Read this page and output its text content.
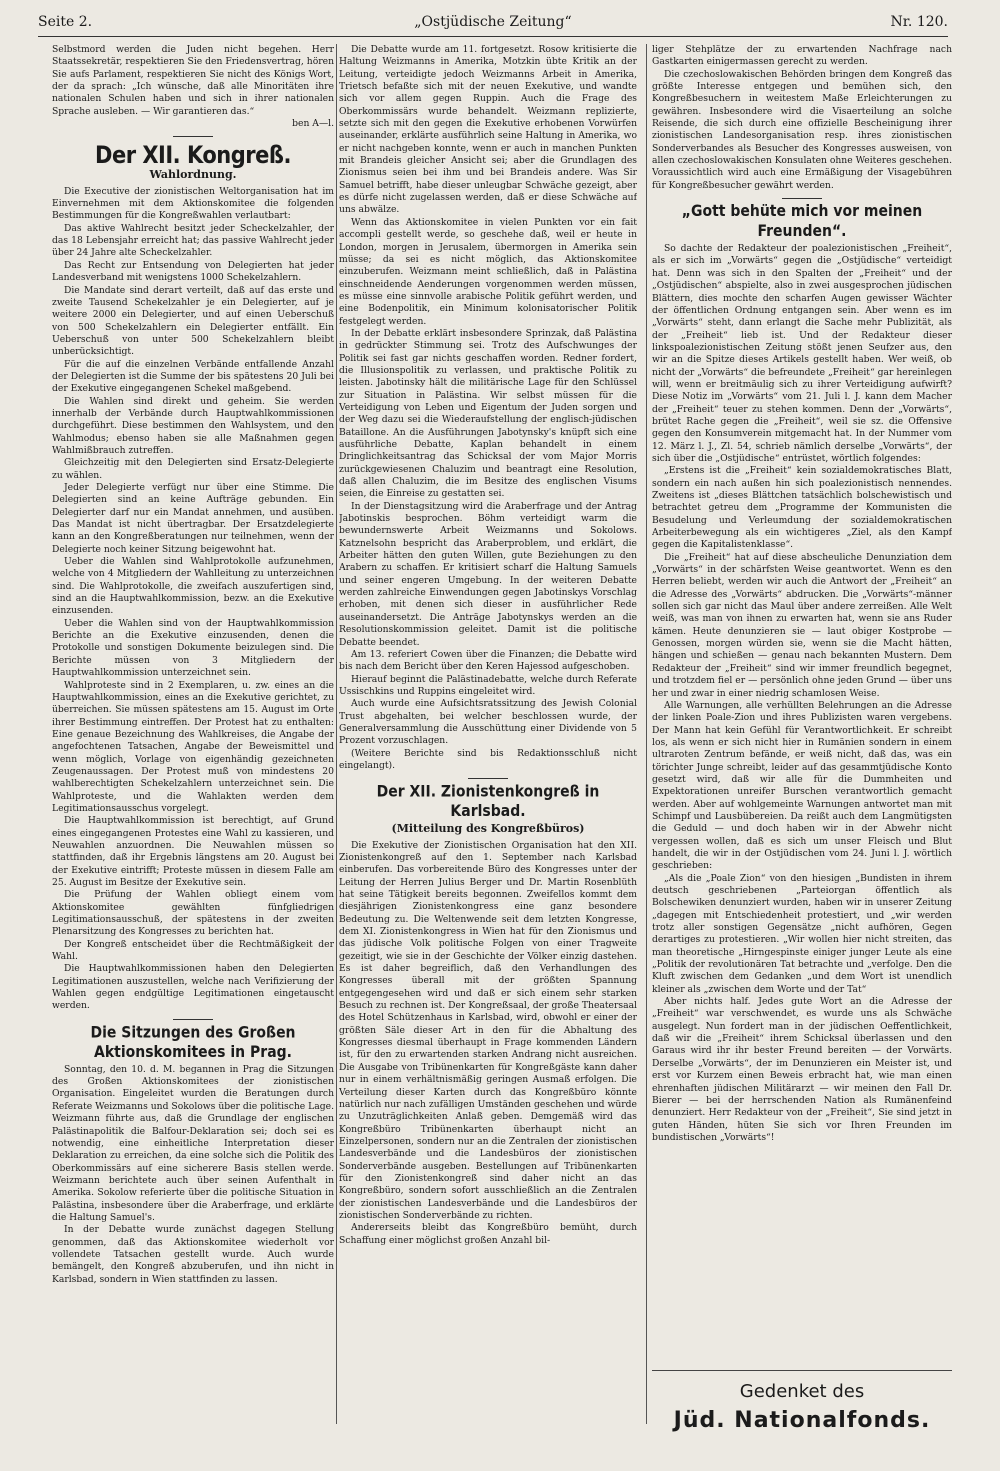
Seite 2.	„Ostjüdische Zeitung“	Nr. 120.

Selbstmord werden die Juden nicht begehen. Herr Staatssekretär, respektieren Sie den Friedensvertrag, hören Sie aufs Parlament, respektieren Sie nicht des Königs Wort, der da sprach: „Ich wünsche, daß alle Minoritäten ihre nationalen Schulen haben und sich in ihrer nationalen Sprache ausleben. — Wir garantieren das.“

ben A—l.

Der XII. Kongreß.
Wahlordnung.

Die Executive der zionistischen Weltorganisation hat im Einvernehmen mit dem Aktionskomitee die folgenden Bestimmungen für die Kongreßwahlen verlautbart:

Das aktive Wahlrecht besitzt jeder Scheckelzahler, der das 18 Lebensjahr erreicht hat; das passive Wahlrecht jeder über 24 Jahre alte Scheckelzahler.

Das Recht zur Entsendung von Delegierten hat jeder Landesverband mit wenigstens 1000 Schekelzahlern.

Die Mandate sind derart verteilt, daß auf das erste und zweite Tausend Schekelzahler je ein Delegierter, auf je weitere 2000 ein Delegierter, und auf einen Ueberschuß von 500 Schekelzahlern ein Delegierter entfällt. Ein Ueberschuß von unter 500 Schekelzahlern bleibt unberücksichtigt.

Für die auf die einzelnen Verbände entfallende Anzahl der Delegierten ist die Summe der bis spätestens 20 Juli bei der Exekutive eingegangenen Schekel maßgebend.

Die Wahlen sind direkt und geheim. Sie werden innerhalb der Verbände durch Hauptwahlkommissionen durchgeführt. Diese bestimmen den Wahlsystem, und den Wahlmodus; ebenso haben sie alle Maßnahmen gegen Wahlmißbrauch zutreffen.

Gleichzeitig mit den Delegierten sind Ersatz-Delegierte zu wählen.

Jeder Delegierte verfügt nur über eine Stimme. Die Delegierten sind an keine Aufträge gebunden. Ein Delegierter darf nur ein Mandat annehmen, und ausüben. Das Mandat ist nicht übertragbar. Der Ersatzdelegierte kann an den Kongreßberatungen nur teilnehmen, wenn der Delegierte noch keiner Sitzung beigewohnt hat.

Ueber die Wahlen sind Wahlprotokolle aufzunehmen, welche von 4 Mitgliedern der Wahlleitung zu unterzeichnen sind. Die Wahlprotokolle, die zweifach auszufertigen sind, sind an die Hauptwahlkommission, bezw. an die Exekutive einzusenden.

Ueber die Wahlen sind von der Hauptwahlkommission Berichte an die Exekutive einzusenden, denen die Protokolle und sonstigen Dokumente beizulegen sind. Die Berichte müssen von 3 Mitgliedern der Hauptwahlkommission unterzeichnet sein.

Wahlproteste sind in 2 Exemplaren, u. zw. eines an die Hauptwahlkommission, eines an die Exekutive gerichtet, zu überreichen. Sie müssen spätestens am 15. August im Orte ihrer Bestimmung eintreffen. Der Protest hat zu enthalten: Eine genaue Bezeichnung des Wahlkreises, die Angabe der angefochtenen Tatsachen, Angabe der Beweismittel und wenn möglich, Vorlage von eigenhändig gezeichneten Zeugenaussagen. Der Protest muß von mindestens 20 wahlberechtigten Schekelzahlern unterzeichnet sein. Die Wahlproteste, und die Wahlakten werden dem Legitimationsausschus vorgelegt.

Die Hauptwahlkommission ist berechtigt, auf Grund eines eingegangenen Protestes eine Wahl zu kassieren, und Neuwahlen anzuordnen. Die Neuwahlen müssen so stattfinden, daß ihr Ergebnis längstens am 20. August bei der Exekutive eintrifft; Proteste müssen in diesem Falle am 25. August im Besitze der Exekutive sein.

Die Prüfung der Wahlen obliegt einem vom Aktionskomitee gewählten fünfgliedrigen Legitimationsausschuß, der spätestens in der zweiten Plenarsitzung des Kongresses zu berichten hat.

Der Kongreß entscheidet über die Rechtmäßigkeit der Wahl.

Die Hauptwahlkommissionen haben den Delegierten Legitimationen auszustellen, welche nach Verifizierung der Wahlen gegen endgültige Legitimationen eingetauscht werden.

Die Sitzungen des Großen Aktionskomitees in Prag.

Sonntag, den 10. d. M. begannen in Prag die Sitzungen des Großen Aktionskomitees der zionistischen Organisation. Eingeleitet wurden die Beratungen durch Referate Weizmanns und Sokolows über die politische Lage. Weizmann führte aus, daß die Grundlage der englischen Palästinapolitik die Balfour-Deklaration sei; doch sei es notwendig, eine einheitliche Interpretation dieser Deklaration zu erreichen, da eine solche sich die Politik des Oberkommissärs auf eine sicherere Basis stellen werde. Weizmann berichtete auch über seinen Aufenthalt in Amerika. Sokolow referierte über die politische Situation in Palästina, insbesondere über die Araberfrage, und erklärte die Haltung Samuel's.

In der Debatte wurde zunächst dagegen Stellung genommen, daß das Aktionskomitee wiederholt vor vollendete Tatsachen gestellt wurde. Auch wurde bemängelt, den Kongreß abzuberufen, und ihn nicht in Karlsbad, sondern in Wien stattfinden zu lassen.

Die Debatte wurde am 11. fortgesetzt. Rosow kritisierte die Haltung Weizmanns in Amerika, Motzkin übte Kritik an der Leitung, verteidigte jedoch Weizmanns Arbeit in Amerika, Trietsch befaßte sich mit der neuen Exekutive, und wandte sich vor allem gegen Ruppin. Auch die Frage des Oberkommissärs wurde behandelt. Weizmann replizierte, setzte sich mit den gegen die Exekutive erhobenen Vorwürfen auseinander, erklärte ausführlich seine Haltung in Amerika, wo er nicht nachgeben konnte, wenn er auch in manchen Punkten mit Brandeis gleicher Ansicht sei; aber die Grundlagen des Zionismus seien bei ihm und bei Brandeis andere. Was Sir Samuel betrifft, habe dieser unleugbar Schwäche gezeigt, aber es dürfe nicht zugelassen werden, daß er diese Schwäche auf uns abwälze.

Wenn das Aktionskomitee in vielen Punkten vor ein fait accompli gestellt werde, so geschehe daß, weil er heute in London, morgen in Jerusalem, übermorgen in Amerika sein müsse; da sei es nicht möglich, das Aktionskomitee einzuberufen. Weizmann meint schließlich, daß in Palästina einschneidende Aenderungen vorgenommen werden müssen, es müsse eine sinnvolle arabische Politik geführt werden, und eine Bodenpolitik, ein Minimum kolonisatorischer Politik festgelegt werden.

In der Debatte erklärt insbesondere Sprinzak, daß Palästina in gedrückter Stimmung sei. Trotz des Aufschwunges der Politik sei fast gar nichts geschaffen worden. Redner fordert, die Illusionspolitik zu verlassen, und praktische Politik zu leisten. Jabotinsky hält die militärische Lage für den Schlüssel zur Situation in Palästina. Wir selbst müssen für die Verteidigung von Leben und Eigentum der Juden sorgen und der Weg dazu sei die Wiederaufstellung der englisch-jüdischen Bataillone. An die Ausführungen Jabotynsky's knüpft sich eine ausführliche Debatte, Kaplan behandelt in einem Dringlichkeitsantrag das Schicksal der vom Major Morris zurückgewiesenen Chaluzim und beantragt eine Resolution, daß allen Chaluzim, die im Besitze des englischen Visums seien, die Einreise zu gestatten sei.

In der Dienstagsitzung wird die Araberfrage und der Antrag Jabotinskis besprochen. Böhm verteidigt warm die bewundernswerte Arbeit Weizmanns und Sokolows. Katznelsohn bespricht das Araberproblem, und erklärt, die Arbeiter hätten den guten Willen, gute Beziehungen zu den Arabern zu schaffen. Er kritisiert scharf die Haltung Samuels und seiner engeren Umgebung. In der weiteren Debatte werden zahlreiche Einwendungen gegen Jabotinskys Vorschlag erhoben, mit denen sich dieser in ausführlicher Rede auseinandersetzt. Die Anträge Jabotynskys werden an die Resolutionskommission geleitet. Damit ist die politische Debatte beendet.

Am 13. referiert Cowen über die Finanzen; die Debatte wird bis nach dem Bericht über den Keren Hajessod aufgeschoben.

Hierauf beginnt die Palästinadebatte, welche durch Referate Ussischkins und Ruppins eingeleitet wird.

Auch wurde eine Aufsichtsratssitzung des Jewish Colonial Trust abgehalten, bei welcher beschlossen wurde, der Generalversammlung die Ausschüttung einer Dividende von 5 Prozent vorzuschlagen.

(Weitere Berichte sind bis Redaktionsschluß nicht eingelangt).

Der XII. Zionistenkongreß in Karlsbad.
(Mitteilung des Kongreßbüros)

Die Exekutive der Zionistischen Organisation hat den XII. Zionistenkongreß auf den 1. September nach Karlsbad einberufen. Das vorbereitende Büro des Kongresses unter der Leitung der Herren Julius Berger und Dr. Martin Rosenblüth hat seine Tätigkeit bereits begonnen. Zweifellos kommt dem diesjährigen Zionistenkongress eine ganz besondere Bedeutung zu. Die Weltenwende seit dem letzten Kongresse, dem XI. Zionistenkongress in Wien hat für den Zionismus und das jüdische Volk politische Folgen von einer Tragweite gezeitigt, wie sie in der Geschichte der Völker einzig dastehen. Es ist daher begreiflich, daß den Verhandlungen des Kongresses überall mit der größten Spannung entgegengesehen wird und daß er sich einem sehr starken Besuch zu rechnen ist. Der Kongreßsaal, der große Theatersaal des Hotel Schützenhaus in Karlsbad, wird, obwohl er einer der größten Säle dieser Art in den für die Abhaltung des Kongresses diesmal überhaupt in Frage kommenden Ländern ist, für den zu erwartenden starken Andrang nicht ausreichen. Die Ausgabe von Tribünenkarten für Kongreßgäste kann daher nur in einem verhältnismäßig geringen Ausmaß erfolgen. Die Verteilung dieser Karten durch das Kongreßbüro könnte natürlich nur nach zufälligen Umständen geschehen und würde zu Unzuträglichkeiten Anlaß geben. Demgemäß wird das Kongreßbüro Tribünenkarten überhaupt nicht an Einzelpersonen, sondern nur an die Zentralen der zionistischen Landesverbände und die Landesbüros der zionistischen Sonderverbände ausgeben. Bestellungen auf Tribünenkarten für den Zionistenkongreß sind daher nicht an das Kongreßbüro, sondern sofort ausschließlich an die Zentralen der zionistischen Landesverbände und die Landesbüros der zionistischen Sonderverbände zu richten.

Andererseits bleibt das Kongreßbüro bemüht, durch Schaffung einer möglichst großen Anzahl bil-

liger Stehplätze der zu erwartenden Nachfrage nach Gastkarten einigermassen gerecht zu werden.

Die czechoslowakischen Behörden bringen dem Kongreß das größte Interesse entgegen und bemühen sich, den Kongreßbesuchern in weitestem Maße Erleichterungen zu gewähren. Insbesondere wird die Visaerteilung an solche Reisende, die sich durch eine offizielle Bescheinigung ihrer zionistischen Landesorganisation resp. ihres zionistischen Sonderverbandes als Besucher des Kongresses ausweisen, von allen czechoslowakischen Konsulaten ohne Weiteres geschehen. Voraussichtlich wird auch eine Ermäßigung der Visagebühren für Kongreßbesucher gewährt werden.

„Gott behüte mich vor meinen Freunden“.

So dachte der Redakteur der poalezionistischen „Freiheit“, als er sich im „Vorwärts“ gegen die „Ostjüdische“ verteidigt hat. Denn was sich in den Spalten der „Freiheit“ und der „Ostjüdischen“ abspielte, also in zwei ausgesprochen jüdischen Blättern, dies mochte den scharfen Augen gewisser Wächter der öffentlichen Ordnung entgangen sein. Aber wenn es im „Vorwärts“ steht, dann erlangt die Sache mehr Publizität, als der „Freiheit“ lieb ist. Und der Redakteur dieser linkspoalezionistischen Zeitung stößt jenen Seufzer aus, den wir an die Spitze dieses Artikels gestellt haben. Wer weiß, ob nicht der „Vorwärts“ die befreundete „Freiheit“ gar hereinlegen will, wenn er breitmäulig sich zu ihrer Verteidigung aufwirft? Diese Notiz im „Vorwärts“ vom 21. Juli l. J. kann dem Macher der „Freiheit“ teuer zu stehen kommen. Denn der „Vorwärts“, brütet Rache gegen die „Freiheit“, weil sie sz. die Offensive gegen den Konsumverein mitgemacht hat. In der Nummer vom 12. März l. J., Zl. 54, schrieb nämlich derselbe „Vorwärts“, der sich über die „Ostjüdische“ entrüstet, wörtlich folgendes:

„Erstens ist die „Freiheit“ kein sozialdemokratisches Blatt, sondern ein nach außen hin sich poalezionistisch nennendes. Zweitens ist „dieses Blättchen tatsächlich bolschewistisch und betrachtet getreu dem „Programme der Kommunisten die Besudelung und Verleumdung der sozialdemokratischen Arbeiterbewegung als ein wichtigeres „Ziel, als den Kampf gegen die Kapitalistenklasse“.

Die „Freiheit“ hat auf diese abscheuliche Denunziation dem „Vorwärts“ in der schärfsten Weise geantwortet. Wenn es den Herren beliebt, werden wir auch die Antwort der „Freiheit“ an die Adresse des „Vorwärts“ abdrucken. Die „Vorwärts“-männer sollen sich gar nicht das Maul über andere zerreißen. Alle Welt weiß, was man von ihnen zu erwarten hat, wenn sie ans Ruder kämen. Heute denunzieren sie — laut obiger Kostprobe — Genossen, morgen würden sie, wenn sie die Macht hätten, hängen und schießen — genau nach bekannten Mustern. Dem Redakteur der „Freiheit“ sind wir immer freundlich begegnet, und trotzdem fiel er — persönlich ohne jeden Grund — über uns her und zwar in einer niedrig schamlosen Weise.

Alle Warnungen, alle verhüllten Belehrungen an die Adresse der linken Poale-Zion und ihres Publizisten waren vergebens. Der Mann hat kein Gefühl für Verantwortlichkeit. Er schreibt los, als wenn er sich nicht hier in Rumänien sondern in einem ultraroten Zentrum befände, er weiß nicht, daß das, was ein törichter Junge schreibt, leider auf das gesammtjüdische Konto gesetzt wird, daß wir alle für die Dummheiten und Expektorationen unreifer Burschen verantwortlich gemacht werden. Aber auf wohlgemeinte Warnungen antwortet man mit Schimpf und Lausbübereien. Da reißt auch dem Langmütigsten die Geduld — und doch haben wir in der Abwehr nicht vergessen wollen, daß es sich um unser Fleisch und Blut handelt, die wir in der Ostjüdischen vom 24. Juni l. J. wörtlich geschrieben:

„Als die „Poale Zion“ von den hiesigen „Bundisten in ihrem deutsch geschriebenen „Parteiorgan öffentlich als Bolschewiken denunziert wurden, haben wir in unserer Zeitung „dagegen mit Entschiedenheit protestiert, und „wir werden trotz aller sonstigen Gegensätze „nicht aufhören, Gegen derartiges zu protestieren. „Wir wollen hier nicht streiten, das man theoretische „Hirngespinste einiger junger Leute als eine „Politik der revolutionären Tat betrachte und „verfolge. Den die Kluft zwischen dem Gedanken „und dem Wort ist unendlich kleiner als „zwischen dem Worte und der Tat“

Aber nichts half. Jedes gute Wort an die Adresse der „Freiheit“ war verschwendet, es wurde uns als Schwäche ausgelegt. Nun fordert man in der jüdischen Oeffentlichkeit, daß wir die „Freiheit“ ihrem Schicksal überlassen und den Garaus wird ihr ihr bester Freund bereiten — der Vorwärts. Derselbe „Vorwärts“, der im Denunzieren ein Meister ist, und erst vor Kurzem einen Beweis erbracht hat, wie man einen ehrenhaften jüdischen Militärarzt — wir meinen den Fall Dr. Bierer — bei der herrschenden Nation als Rumänenfeind denunziert. Herr Redakteur von der „Freiheit“, Sie sind jetzt in guten Händen, hüten Sie sich vor Ihren Freunden im bundistischen „Vorwärts“!

Gedenket des
Jüd. Nationalfonds.
